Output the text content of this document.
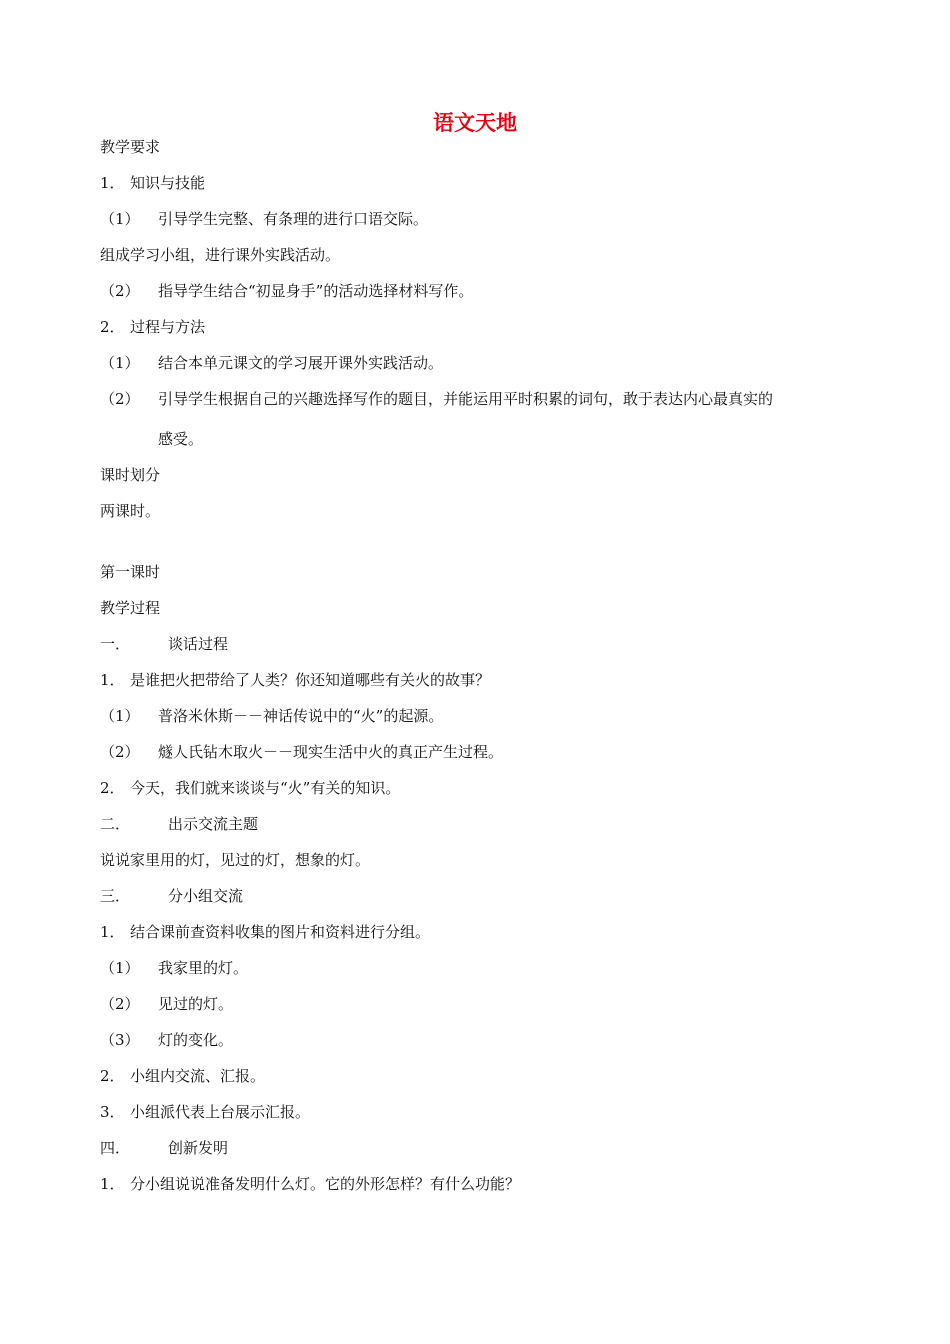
语文天地
教学要求
1． 知识与技能
（1） 引导学生完整、有条理的进行口语交际。
组成学习小组，进行课外实践活动。
（2） 指导学生结合“初显身手”的活动选择材料写作。
2． 过程与方法
（1） 结合本单元课文的学习展开课外实践活动。
（2） 引导学生根据自己的兴趣选择写作的题目，并能运用平时积累的词句，敢于表达内心最真实的
感受。
课时划分
两课时。
第一课时
教学过程
一．	谈话过程
1． 是谁把火把带给了人类？你还知道哪些有关火的故事？
（1） 普洛米休斯－－神话传说中的“火”的起源。
（2） 燧人氏钻木取火－－现实生活中火的真正产生过程。
2． 今天，我们就来谈谈与“火”有关的知识。
二．	出示交流主题
说说家里用的灯，见过的灯，想象的灯。
三．	分小组交流
1． 结合课前查资料收集的图片和资料进行分组。
（1） 我家里的灯。
（2） 见过的灯。
（3） 灯的变化。
2． 小组内交流、汇报。
3． 小组派代表上台展示汇报。
四．	创新发明
1． 分小组说说准备发明什么灯。它的外形怎样？有什么功能？
